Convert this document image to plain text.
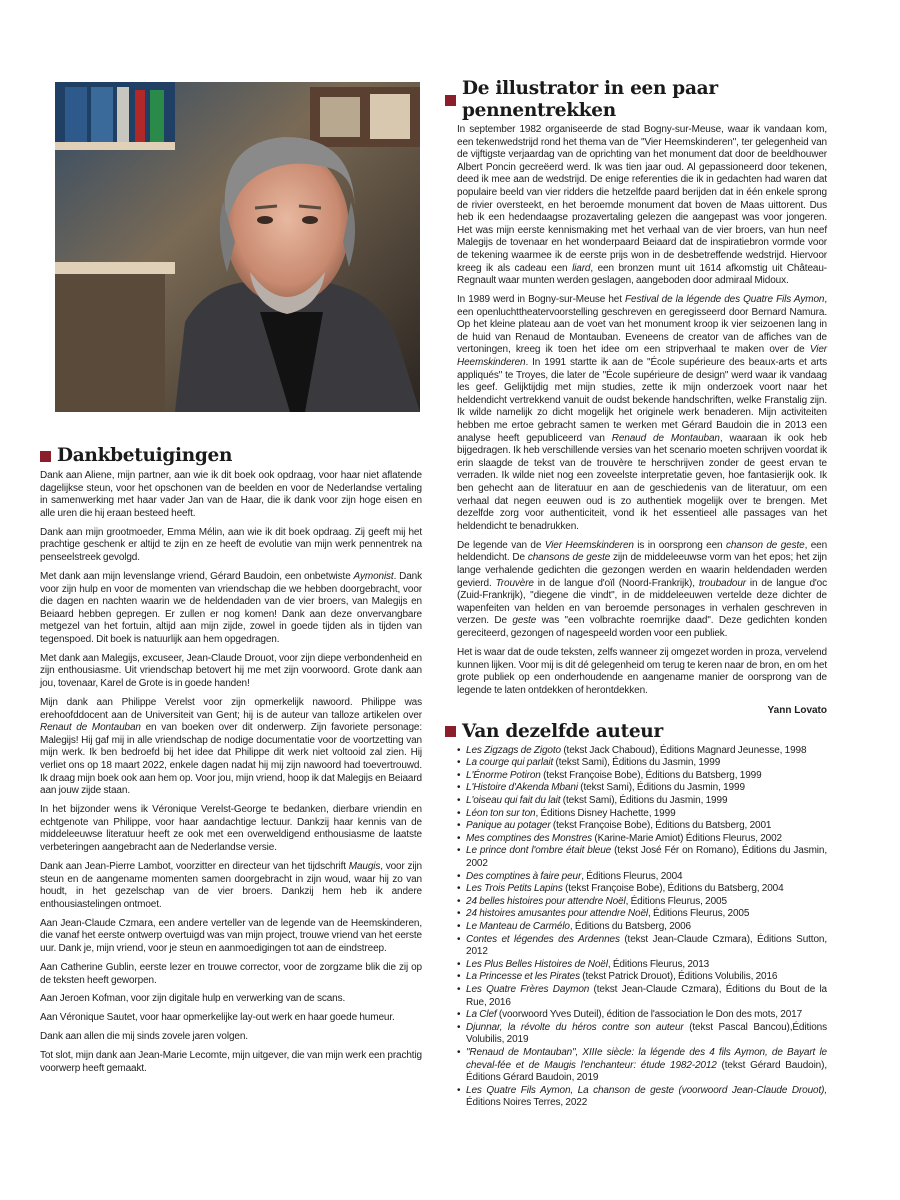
Dankbetuigingen

Dank aan Aliene, mijn partner, aan wie ik dit boek ook opdraag, voor haar niet aflatende dagelijkse steun, voor het opschonen van de beelden en voor de Nederlandse vertaling in samenwerking met haar vader Jan van de Haar, die ik dank voor zijn hoge eisen en alle uren die hij eraan besteed heeft.

Dank aan mijn grootmoeder, Emma Mélin, aan wie ik dit boek opdraag. Zij geeft mij het prachtige geschenk er altijd te zijn en ze heeft de evolutie van mijn werk pennentrek na penseelstreek gevolgd.

Met dank aan mijn levenslange vriend, Gérard Baudoin, een onbetwiste Aymonist. Dank voor zijn hulp en voor de momenten van vriendschap die we hebben doorgebracht, voor die dagen en nachten waarin we de heldendaden van de vier broers, van Malegijs en Beiaard hebben gepregen. Er zullen er nog komen! Dank aan deze onvervangbare metgezel van het fortuin, altijd aan mijn zijde, zowel in goede tijden als in tijden van tegenspoed. Dit boek is natuurlijk aan hem opgedragen.

Met dank aan Malegijs, excuseer, Jean-Claude Drouot, voor zijn diepe verbondenheid en zijn enthousiasme. Uit vriendschap betovert hij me met zijn voorwoord. Grote dank aan jou, tovenaar, Karel de Grote is in goede handen!

Mijn dank aan Philippe Verelst voor zijn opmerkelijk nawoord. Philippe was erehoofddocent aan de Universiteit van Gent; hij is de auteur van talloze artikelen over Renaut de Montauban en van boeken over dit onderwerp. Zijn favoriete personage: Malegijs! Hij gaf mij in alle vriendschap de nodige documentatie voor de voortzetting van mijn werk. Ik ben bedroefd bij het idee dat Philippe dit werk niet voltooid zal zien. Hij verliet ons op 18 maart 2022, enkele dagen nadat hij mij zijn nawoord had toevertrouwd. Ik draag mijn boek ook aan hem op. Voor jou, mijn vriend, hoop ik dat Malegijs en Beiaard aan jouw zijde staan.

In het bijzonder wens ik Véronique Verelst-George te bedanken, dierbare vriendin en echtgenote van Philippe, voor haar aandachtige lectuur. Dankzij haar kennis van de middeleeuwse literatuur heeft ze ook met een overweldigend enthousiasme de laatste verbeteringen aangebracht aan de Nederlandse versie.

Dank aan Jean-Pierre Lambot, voorzitter en directeur van het tijdschrift Maugis, voor zijn steun en de aangename momenten samen doorgebracht in zijn woud, waar hij zo van houdt, in het gezelschap van de vier broers. Dankzij hem heb ik andere enthousiastelingen ontmoet.

Aan Jean-Claude Czmara, een andere verteller van de legende van de Heemskinderen, die vanaf het eerste ontwerp overtuigd was van mijn project, trouwe vriend van het eerste uur. Dank je, mijn vriend, voor je steun en aanmoedigingen tot aan de eindstreep.

Aan Catherine Gublin, eerste lezer en trouwe corrector, voor de zorgzame blik die zij op de teksten heeft geworpen.

Aan Jeroen Kofman, voor zijn digitale hulp en verwerking van de scans.

Aan Véronique Sautet, voor haar opmerkelijke lay-out werk en haar goede humeur.

Dank aan allen die mij sinds zovele jaren volgen.

Tot slot, mijn dank aan Jean-Marie Lecomte, mijn uitgever, die van mijn werk een prachtig voorwerp heeft gemaakt.

De illustrator in een paar pennentrekken

In september 1982 organiseerde de stad Bogny-sur-Meuse, waar ik vandaan kom, een tekenwedstrijd rond het thema van de "Vier Heemskinderen", ter gelegenheid van de vijftigste verjaardag van de oprichting van het monument dat door de beeldhouwer Albert Poncin gecreëerd werd. Ik was tien jaar oud. Al gepassioneerd door tekenen, deed ik mee aan de wedstrijd. De enige referenties die ik in gedachten had waren dat populaire beeld van vier ridders die hetzelfde paard berijden dat in één enkele sprong de rivier oversteekt, en het beroemde monument dat boven de Maas uittorent. Dus heb ik een hedendaagse prozavertaling gelezen die aangepast was voor jongeren. Het was mijn eerste kennismaking met het verhaal van de vier broers, van hun neef Malegijs de tovenaar en het wonderpaard Beiaard dat de inspiratiebron vormde voor de tekening waarmee ik de eerste prijs won in de desbetreffende wedstrijd. Hiervoor kreeg ik als cadeau een liard, een bronzen munt uit 1614 afkomstig uit Château-Regnault waar munten werden geslagen, aangeboden door admiraal Midoux.

In 1989 werd in Bogny-sur-Meuse het Festival de la légende des Quatre Fils Aymon, een openluchttheatervoorstelling geschreven en geregisseerd door Bernard Namura. Op het kleine plateau aan de voet van het monument kroop ik vier seizoenen lang in de huid van Renaud de Montauban. Eveneens de creator van de affiches van de vertoningen, kreeg ik toen het idee om een stripverhaal te maken over de Vier Heemskinderen. In 1991 startte ik aan de "École supérieure des beaux-arts et arts appliqués" te Troyes, die later de "École supérieure de design" werd waar ik vandaag les geef. Gelijktijdig met mijn studies, zette ik mijn onderzoek voort naar het heldendicht vertrekkend vanuit de oudst bekende handschriften, welke Franstalig zijn. Ik wilde namelijk zo dicht mogelijk het originele werk benaderen. Mijn activiteiten hebben me ertoe gebracht samen te werken met Gérard Baudoin die in 2013 een analyse heeft gepubliceerd van Renaud de Montauban, waaraan ik ook heb bijgedragen. Ik heb verschillende versies van het scenario moeten schrijven voordat ik erin slaagde de tekst van de trouvère te herschrijven zonder de geest ervan te verraden. Ik wilde niet nog een zoveelste interpretatie geven, hoe fantasierijk ook. Ik ben gehecht aan de literatuur en aan de geschiedenis van de literatuur, om een verhaal dat negen eeuwen oud is zo authentiek mogelijk over te brengen. Met dezelfde zorg voor authenticiteit, vond ik het essentieel alle passages van het heldendicht te benadrukken.

De legende van de Vier Heemskinderen is in oorsprong een chanson de geste, een heldendicht. De chansons de geste zijn de middeleeuwse vorm van het epos; het zijn lange verhalende gedichten die gezongen werden en waarin heldendaden werden gevierd. Trouvère in de langue d'oïl (Noord-Frankrijk), troubadour in de langue d'oc (Zuid-Frankrijk), "diegene die vindt", in de middeleeuwen vertelde deze dichter de wapenfeiten van helden en van beroemde personages in verhalen geschreven in verzen. De geste was "een volbrachte roemrijke daad". Deze gedichten konden gereciteerd, gezongen of nagespeeld worden voor een publiek.

Het is waar dat de oude teksten, zelfs wanneer zij omgezet worden in proza, vervelend kunnen lijken. Voor mij is dit dé gelegenheid om terug te keren naar de bron, en om het grote publiek op een onderhoudende en aangename manier de oorsprong van de legende te laten ontdekken of herontdekken.

Yann Lovato
Van dezelfde auteur
• Les Zigzags de Zigoto (tekst Jack Chaboud), Éditions Magnard Jeunesse, 1998
• La courge qui parlait (tekst Sami), Éditions du Jasmin, 1999
• L'Énorme Potiron (tekst Françoise Bobe), Éditions du Batsberg, 1999
• L'Histoire d'Akenda Mbani (tekst Sami), Éditions du Jasmin, 1999
• L'oiseau qui fait du lait (tekst Sami), Éditions du Jasmin, 1999
• Léon ton sur ton, Éditions Disney Hachette, 1999
• Panique au potager (tekst Françoise Bobe), Éditions du Batsberg, 2001
• Mes comptines des Monstres (Karine-Marie Amiot) Éditions Fleurus, 2002
• Le prince dont l'ombre était bleue (tekst José Fér on Romano), Éditions du Jasmin, 2002
• Des comptines à faire peur, Éditions Fleurus, 2004
• Les Trois Petits Lapins (tekst Françoise Bobe), Éditions du Batsberg, 2004
• 24 belles histoires pour attendre Noël, Éditions Fleurus, 2005
• 24 histoires amusantes pour attendre Noël, Éditions Fleurus, 2005
• Le Manteau de Carmélo, Éditions du Batsberg, 2006
• Contes et légendes des Ardennes (tekst Jean-Claude Czmara), Éditions Sutton, 2012
• Les Plus Belles Histoires de Noël, Éditions Fleurus, 2013
• La Princesse et les Pirates (tekst Patrick Drouot), Éditions Volubilis, 2016
• Les Quatre Frères Daymon (tekst Jean-Claude Czmara), Éditions du Bout de la Rue, 2016
• La Clef (voorwoord Yves Duteil), édition de l'association le Don des mots, 2017
• Djunnar, la révolte du héros contre son auteur (tekst Pascal Bancou),Éditions Volubilis, 2019
• "Renaud de Montauban", XIIIe siècle: la légende des 4 fils Aymon, de Bayart le cheval-fée et de Maugis l'enchanteur: étude 1982-2012 (tekst Gérard Baudoin), Éditions Gérard Baudoin, 2019
• Les Quatre Fils Aymon, La chanson de geste (voorwoord Jean-Claude Drouot), Éditions Noires Terres, 2022
